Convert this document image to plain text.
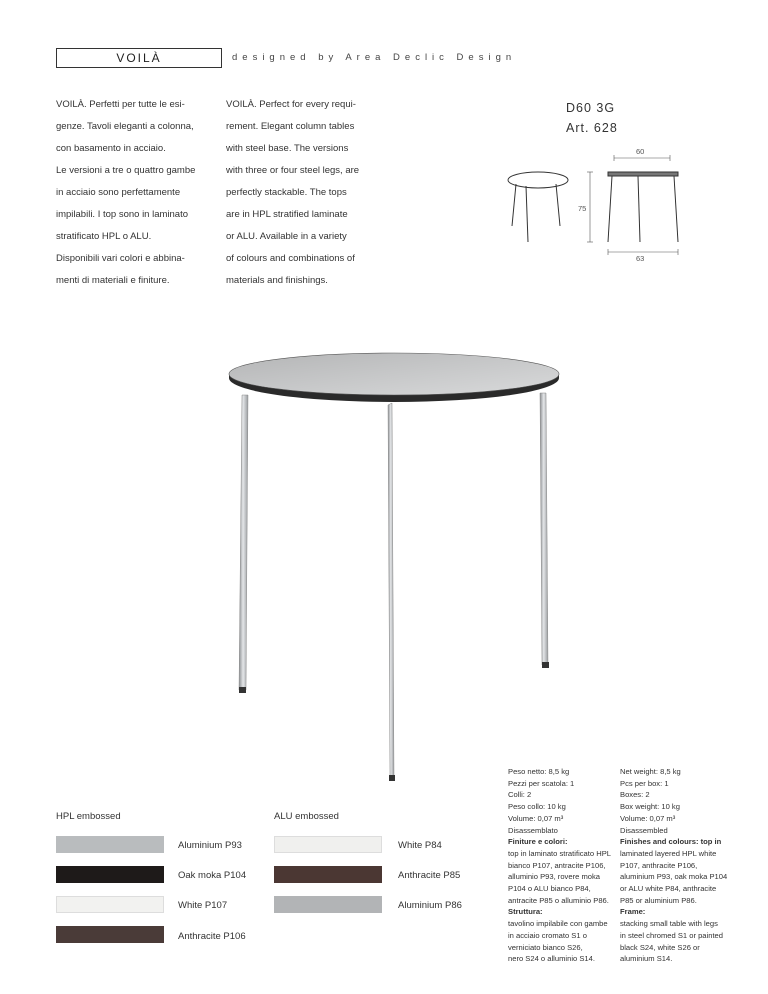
VOILÀ	designed by Area Declic Design
VOILÀ. Perfetti per tutte le esi-
genze. Tavoli eleganti a colonna,
con basamento in acciaio.
Le versioni a tre o quattro gambe
in acciaio sono perfettamente
impilabili. I top sono in laminato
stratificato HPL o ALU.
Disponibili vari colori e abbina-
menti di materiali e finiture.
VOILÀ. Perfect for every requi-
rement. Elegant column tables
with steel base. The versions
with three or four steel legs, are
perfectly stackable. The tops
are in HPL stratified laminate
or ALU. Available in a variety
of colours and combinations of
materials and finishings.
D60 3G
Art. 628
60
75
63
HPL embossed	ALU embossed
Aluminium P93
Oak moka P104
White P107
Anthracite P106
White P84
Anthracite P85
Aluminium P86
Peso netto: 8,5 kg
Pezzi per scatola: 1
Colli: 2
Peso collo: 10 kg
Volume: 0,07 m³
Disassemblato
Finiture e colori:
top in laminato stratificato HPL
bianco P107, antracite P106,
alluminio P93, rovere moka
P104 o ALU bianco P84,
antracite P85 o alluminio P86.
Struttura:
tavolino impilabile con gambe
in acciaio cromato S1 o
verniciato bianco S26,
nero S24 o alluminio S14.
Net weight: 8,5 kg
Pcs per box: 1
Boxes: 2
Box weight: 10 kg
Volume: 0,07 m³
Disassembled
Finishes and colours: top in
laminated layered HPL white
P107, anthracite P106,
aluminium P93, oak moka P104
or ALU white P84, anthracite
P85 or aluminium P86.
Frame:
stacking small table with legs
in steel chromed S1 or painted
black S24, white S26 or
aluminium S14.
